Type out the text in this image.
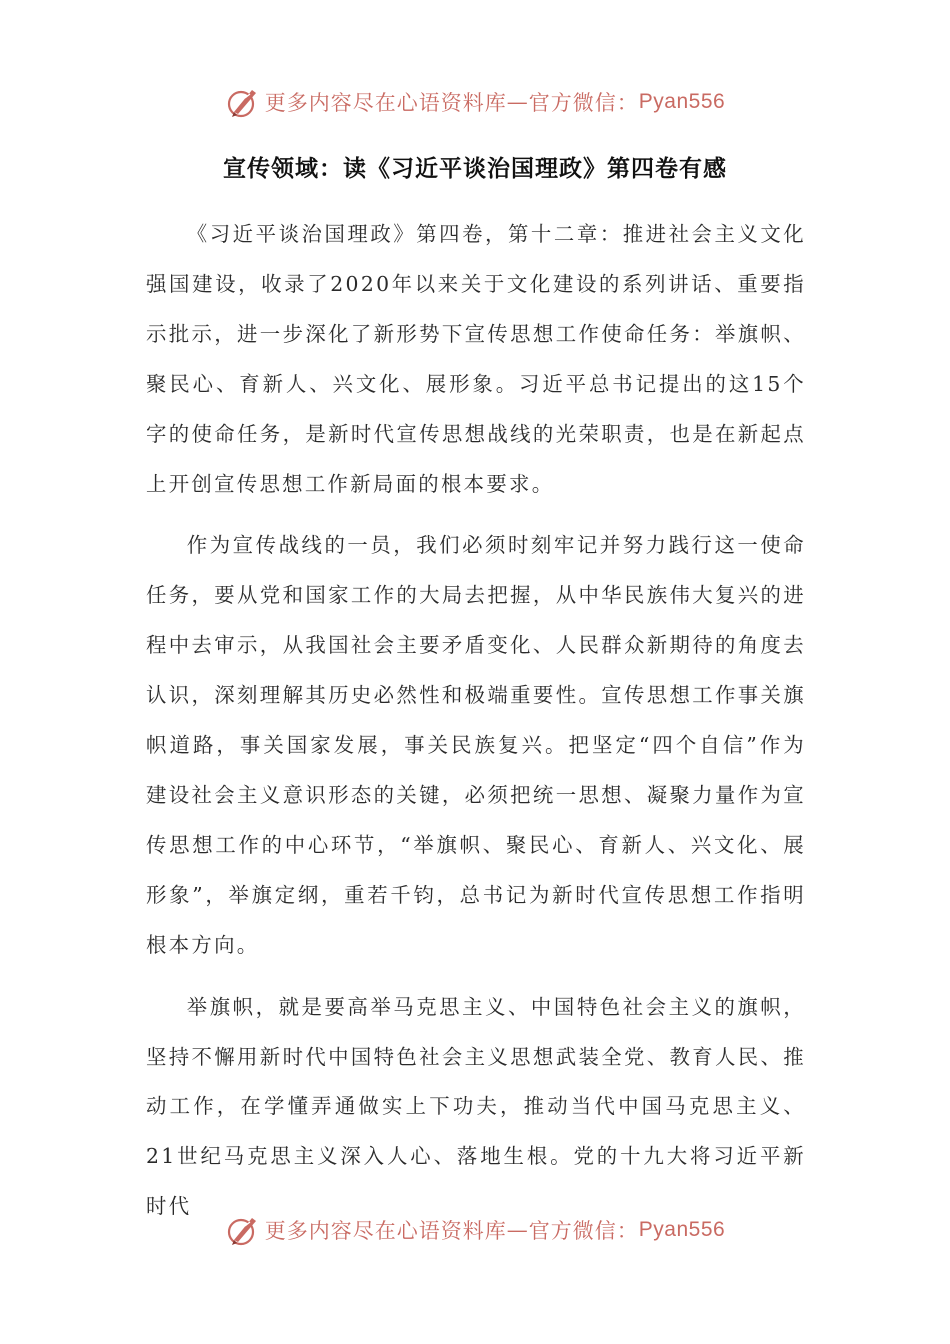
更多内容尽在心语资料库 — 官方微信： Pyan556
宣传领域：读《习近平谈治国理政》第四卷有感

《习近平谈治国理政》第四卷，第十二章：推进社会主义文化强国建设，收录了2020年以来关于文化建设的系列讲话、重要指示批示，进一步深化了新形势下宣传思想工作使命任务：举旗帜、聚民心、育新人、兴文化、展形象。习近平总书记提出的这15个字的使命任务，是新时代宣传思想战线的光荣职责，也是在新起点上开创宣传思想工作新局面的根本要求。

作为宣传战线的一员，我们必须时刻牢记并努力践行这一使命任务，要从党和国家工作的大局去把握，从中华民族伟大复兴的进程中去审示，从我国社会主要矛盾变化、人民群众新期待的角度去认识，深刻理解其历史必然性和极端重要性。宣传思想工作事关旗帜道路，事关国家发展，事关民族复兴。把坚定“四个自信”作为建设社会主义意识形态的关键，必须把统一思想、凝聚力量作为宣传思想工作的中心环节，“举旗帜、聚民心、育新人、兴文化、展形象”，举旗定纲，重若千钧，总书记为新时代宣传思想工作指明根本方向。

举旗帜，就是要高举马克思主义、中国特色社会主义的旗帜，坚持不懈用新时代中国特色社会主义思想武装全党、教育人民、推动工作，在学懂弄通做实上下功夫，推动当代中国马克思主义、21世纪马克思主义深入人心、落地生根。党的十九大将习近平新时代

更多内容尽在心语资料库 — 官方微信： Pyan556
